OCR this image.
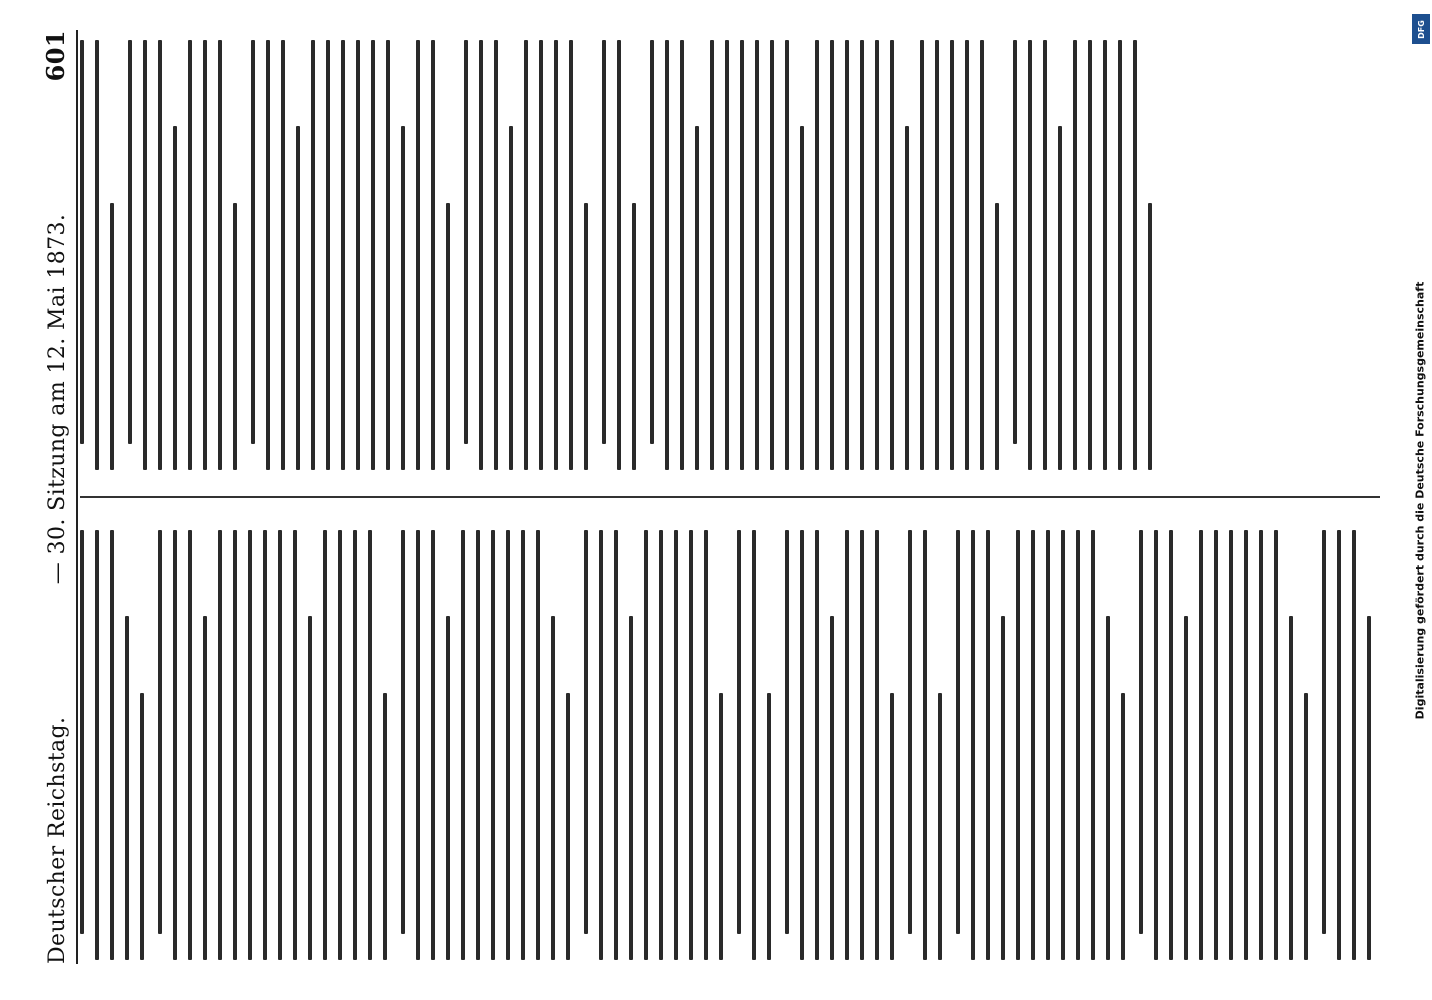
Deutscher Reichstag.
— 30. Sitzung am 12. Mai 1873.
601
DFG
Digitalisierung gefördert durch die Deutsche Forschungsgemeinschaft
